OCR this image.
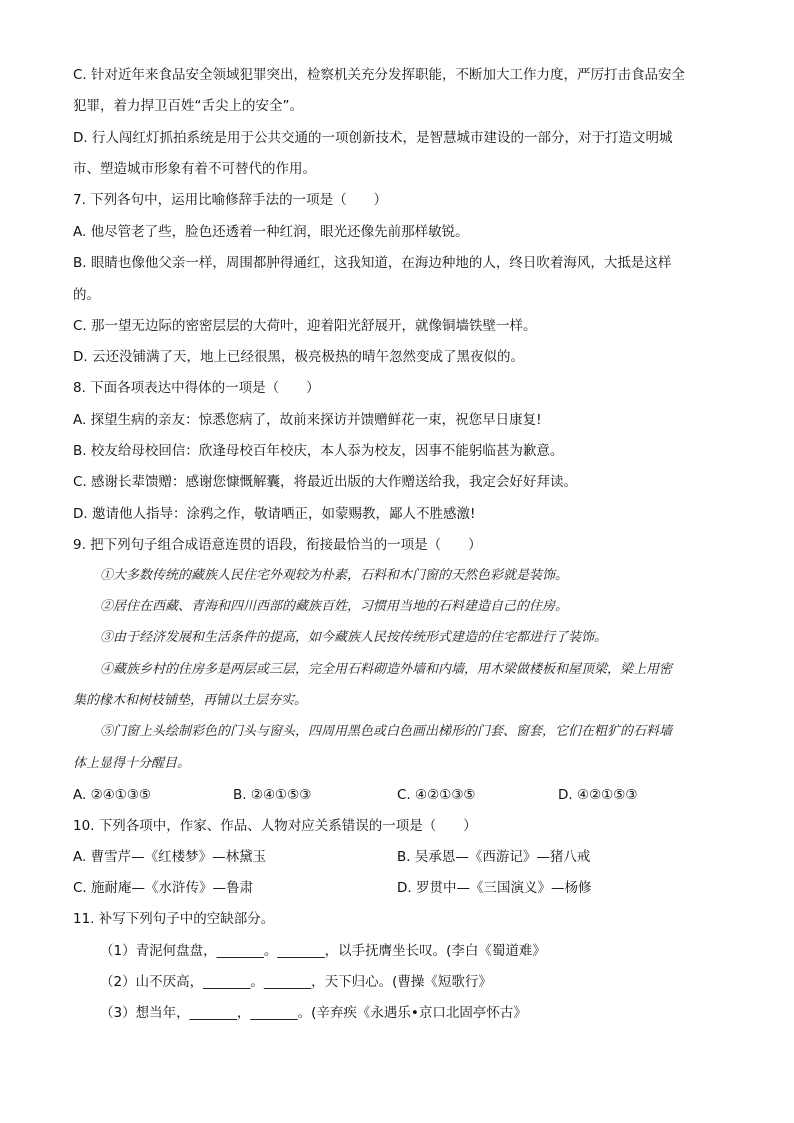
C. 针对近年来食品安全领域犯罪突出，检察机关充分发挥职能，不断加大工作力度，严厉打击食品安全
犯罪，着力捍卫百姓“舌尖上的安全”。
D. 行人闯红灯抓拍系统是用于公共交通的一项创新技术，是智慧城市建设的一部分，对于打造文明城
市、塑造城市形象有着不可替代的作用。
7. 下列各句中，运用比喻修辞手法的一项是（　　）
A. 他尽管老了些，脸色还透着一种红润，眼光还像先前那样敏锐。
B. 眼睛也像他父亲一样，周围都肿得通红，这我知道，在海边种地的人，终日吹着海风，大抵是这样
的。
C. 那一望无边际的密密层层的大荷叶，迎着阳光舒展开，就像铜墙铁壁一样。
D. 云还没铺满了天，地上已经很黑，极亮极热的晴午忽然变成了黑夜似的。
8. 下面各项表达中得体的一项是（　　）
A. 探望生病的亲友：惊悉您病了，故前来探访并馈赠鲜花一束，祝您早日康复!
B. 校友给母校回信：欣逢母校百年校庆，本人忝为校友，因事不能躬临甚为歉意。
C. 感谢长辈馈赠：感谢您慷慨解囊，将最近出版的大作赠送给我，我定会好好拜读。
D. 邀请他人指导：涂鸦之作，敬请哂正，如蒙赐教，鄙人不胜感激!
9. 把下列句子组合成语意连贯的语段，衔接最恰当的一项是（　　）
①大多数传统的藏族人民住宅外观较为朴素，石料和木门窗的天然色彩就是装饰。
②居住在西藏、青海和四川西部的藏族百姓，习惯用当地的石料建造自己的住房。
③由于经济发展和生活条件的提高，如今藏族人民按传统形式建造的住宅都进行了装饰。
④藏族乡村的住房多是两层或三层，完全用石料砌造外墙和内墙，用木梁做楼板和屋顶梁，梁上用密
集的椽木和树枝铺垫，再铺以土层夯实。
⑤门窗上头绘制彩色的门头与窗头，四周用黑色或白色画出梯形的门套、窗套，它们在粗犷的石料墙
体上显得十分醒目。
A. ②④①③⑤	B. ②④①⑤③	C. ④②①③⑤	D. ④②①⑤③
10. 下列各项中，作家、作品、人物对应关系错误的一项是（　　）
A. 曹雪芹—《红楼梦》—林黛玉	B. 吴承恩—《西游记》—猪八戒
C. 施耐庵—《水浒传》—鲁肃	D. 罗贯中—《三国演义》—杨修
11. 补写下列句子中的空缺部分。
（1）青泥何盘盘，_______。_______，以手抚膺坐长叹。(李白《蜀道难》
（2）山不厌高，_______。_______，天下归心。(曹操《短歌行》
（3）想当年，_______，_______。(辛弃疾《永遇乐•京口北固亭怀古》
